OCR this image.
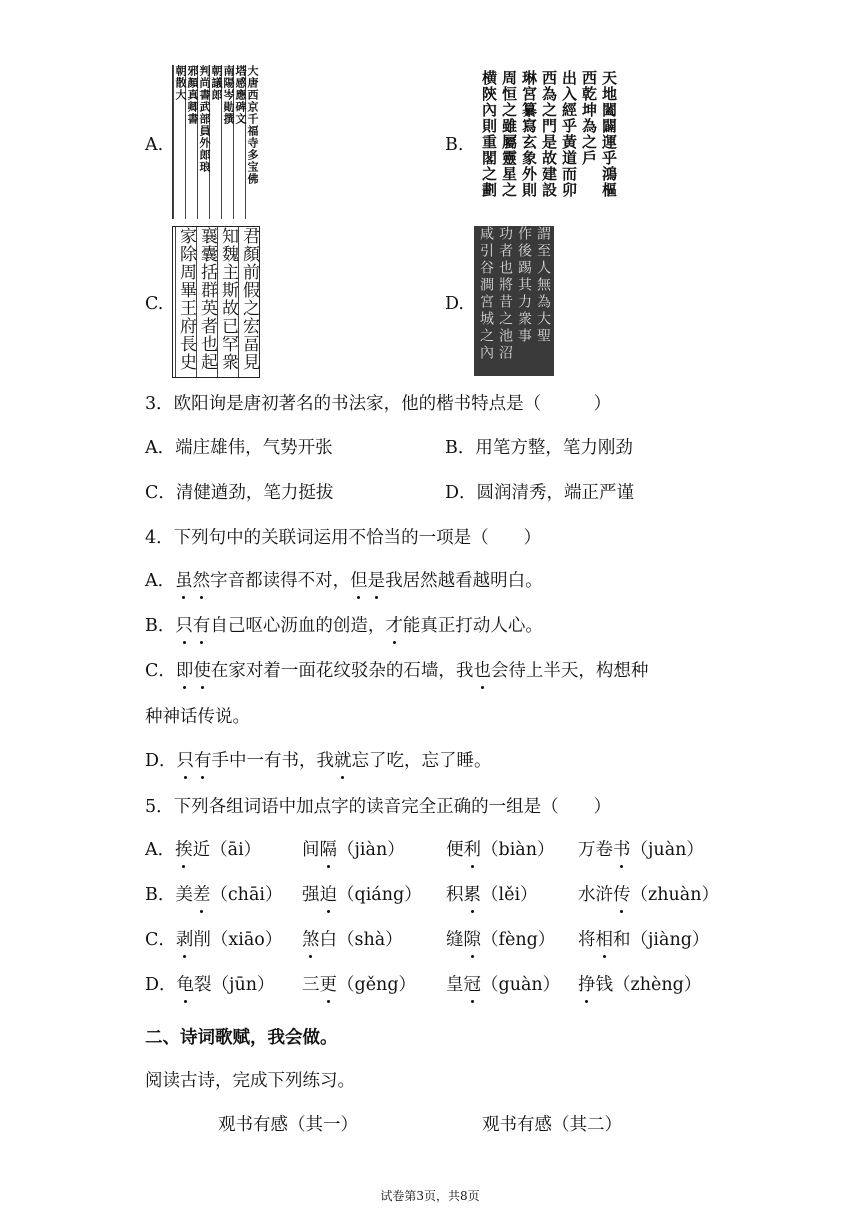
A.	大唐西京千福寺多宝佛
塔感應碑文
南陽岑勛撰
朝議郎
判尚書武部員外郎琅
邪顏真卿書
朝散大
B.	天地闔闢運乎鴻樞
西乾坤為之戶
出入經乎黃道而卯
西為之門是故建設
琳宮纂寫玄象外則
周恒之雖屬靈星之
横陝內則重閣之劃
C.	君顏前假之宏畐見
知魏主斯故已罕衆
襄囊括群英者也起
家除周畢王府長史	D.	謂至人無為大聖
作後踢其力衆事
功者也將昔之池沼
咸引谷澗宮城之內
3．欧阳询是唐初著名的书法家，他的楷书特点是（　　　）
A．端庄雄伟，气势开张	B．用笔方整，笔力刚劲
C．清健遒劲，笔力挺拔	D．圆润清秀，端正严谨
4．下列句中的关联词运用不恰当的一项是（　　）
A．虽然字音都读得不对，但是我居然越看越明白。
B．只有自己呕心沥血的创造，才能真正打动人心。
C．即使在家对着一面花纹驳杂的石墙，我也会待上半天，构想种
种神话传说。
D．只有手中一有书，我就忘了吃，忘了睡。
5．下列各组词语中加点字的读音完全正确的一组是（　　）
A．挨近（āi） 间隔（jiàn） 便利（biàn） 万卷书（juàn）
B．美差（chāi） 强迫（qiáng） 积累（lěi） 水浒传（zhuàn）
C．剥削（xiāo） 煞白（shà） 缝隙（fèng） 将相和（jiàng）
D．龟裂（jūn） 三更（gěng） 皇冠（guàn） 挣钱（zhèng）
二、诗词歌赋，我会做。
阅读古诗，完成下列练习。
观书有感（其一）	观书有感（其二）
试卷第3页，共8页
